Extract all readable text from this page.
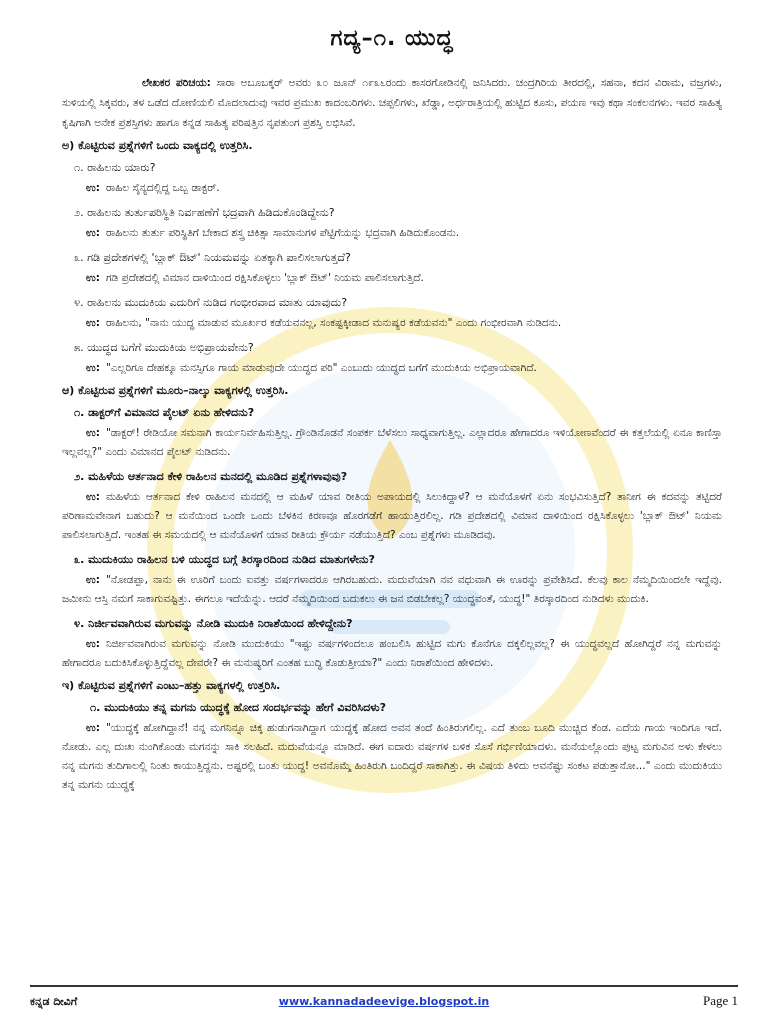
ಗದ್ಯ–೧. ಯುದ್ಧ

ಲೇಖಕರ ಪರಿಚಯ: ಸಾರಾ ಅಬೂಬಕ್ಕರ್ ಅವರು ೩೦ ಜೂನ್ ೧೯೩೬ರಂದು ಕಾಸರಗೋಡಿನಲ್ಲಿ ಜನಿಸಿದರು. ಚಂದ್ರಗಿರಿಯ ತೀರದಲ್ಲಿ, ಸಹನಾ, ಕದನ ವಿರಾಮ, ವಜ್ರಗಳು, ಸುಳಿಯಲ್ಲಿ ಸಿಕ್ಕವರು, ತಳ ಒಡೆದ ದೋಣಿಯಲಿ ಮೊದಲಾದುವು ಇವರ ಪ್ರಮುಖ ಕಾದಂಬರಿಗಳು. ಚಪ್ಪಲಿಗಳು, ಖೆಡ್ಡಾ, ಅರ್ಧರಾತ್ರಿಯಲ್ಲಿ ಹುಟ್ಟಿದ ಕೂಸು, ಪಯಣ ಇವು ಕಥಾ ಸಂಕಲನಗಳು. ಇವರ ಸಾಹಿತ್ಯ ಕೃಷಿಗಾಗಿ ಅನೇಕ ಪ್ರಶಸ್ತಿಗಳು ಹಾಗೂ ಕನ್ನಡ ಸಾಹಿತ್ಯ ಪರಿಷತ್ತಿನ ನೃಪತುಂಗ ಪ್ರಶಸ್ತಿ ಲಭಿಸಿವೆ.

ಅ) ಕೊಟ್ಟಿರುವ ಪ್ರಶ್ನೆಗಳಿಗೆ ಒಂದು ವಾಕ್ಯದಲ್ಲಿ ಉತ್ತರಿಸಿ.
೧. ರಾಹಿಲನು ಯಾರು?

ಉ: ರಾಹಿಲ ಸೈನ್ಯದಲ್ಲಿದ್ದ ಒಬ್ಬ ಡಾಕ್ಟರ್.

೨. ರಾಹಿಲನು ತುರ್ತುಪರಿಸ್ಥಿತಿ ನಿರ್ವಹಣೆಗೆ ಭದ್ರವಾಗಿ ಹಿಡಿದುಕೊಂಡಿದ್ದೇನು?

ಉ: ರಾಹಿಲನು ತುರ್ತು ಪರಿಸ್ಥಿತಿಗೆ ಬೇಕಾದ ಶಸ್ತ್ರ ಚಿಕಿತ್ಸಾ ಸಾಮಾನುಗಳ ಪೆಟ್ಟಿಗೆಯನ್ನು ಭದ್ರವಾಗಿ ಹಿಡಿದುಕೊಂಡನು.

೩. ಗಡಿ ಪ್ರದೇಶಗಳಲ್ಲಿ 'ಬ್ಲಾಕ್ ಔಟ್' ನಿಯಮವನ್ನು ಏತಕ್ಕಾಗಿ ಪಾಲಿಸಲಾಗುತ್ತದೆ?

ಉ: ಗಡಿ ಪ್ರದೇಶದಲ್ಲಿ ವಿಮಾನ ದಾಳಿಯಿಂದ ರಕ್ಷಿಸಿಕೊಳ್ಳಲು 'ಬ್ಲಾಕ್ ಔಟ್' ನಿಯಮ ಪಾಲಿಸಲಾಗುತ್ತಿದೆ.

೪. ರಾಹಿಲನು ಮುದುಕಿಯ ಎದುರಿಗೆ ನುಡಿದ ಗಂಭೀರವಾದ ಮಾತು ಯಾವುದು?

ಉ: ರಾಹಿಲನು, "ನಾನು ಯುದ್ಧ ಮಾಡುವ ಮೂರ್ಖರ ಕಡೆಯವನಲ್ಲ, ಸಂಕಷ್ಟಕ್ಕೀಡಾದ ಮನುಷ್ಯರ ಕಡೆಯವನು" ಎಂದು ಗಂಭೀರವಾಗಿ ನುಡಿದನು.

೫. ಯುದ್ಧದ ಬಗೆಗೆ ಮುದುಕಿಯ ಅಭಿಪ್ರಾಯವೇನು?

ಉ: "ಎಲ್ಲರಿಗೂ ದೇಹಕ್ಕೂ ಮನಸ್ಸಿಗೂ ಗಾಯ ಮಾಡುವುದೇ ಯುದ್ಧದ ಪರಿ" ಎಂಬುದು ಯುದ್ಧದ ಬಗೆಗೆ ಮುದುಕಿಯ ಅಭಿಪ್ರಾಯವಾಗಿದೆ.

ಆ) ಕೊಟ್ಟಿರುವ ಪ್ರಶ್ನೆಗಳಿಗೆ ಮೂರು–ನಾಲ್ಕು ವಾಕ್ಯಗಳಲ್ಲಿ ಉತ್ತರಿಸಿ.
೧. ಡಾಕ್ಟರ್‌ಗೆ ವಿಮಾನದ ಪೈಲಟ್ ಏನು ಹೇಳಿದನು?

ಉ: "ಡಾಕ್ಟರ್! ರೇಡಿಯೋ ಸಮನಾಗಿ ಕಾರ್ಯನಿರ್ವಹಿಸುತ್ತಿಲ್ಲ. ಗ್ರೌಂಡಿನೊಡನೆ ಸಂಪರ್ಕ ಬೆಳೆಸಲು ಸಾಧ್ಯವಾಗುತ್ತಿಲ್ಲ. ಎಲ್ಲಾದರೂ ಹೇಗಾದರೂ ಇಳಿಯೋಣವೆಂದರೆ ಈ ಕತ್ತಲೆಯಲ್ಲಿ ಏನೂ ಕಾಣಿಸ್ತಾ ಇಲ್ಲವಲ್ಲ?" ಎಂದು ವಿಮಾನದ ಪೈಲಟ್ ನುಡಿದನು.

೨. ಮಹಿಳೆಯ ಆರ್ತನಾದ ಕೇಳಿ ರಾಹಿಲನ ಮನದಲ್ಲಿ ಮೂಡಿದ ಪ್ರಶ್ನೆಗಳಾವುವು?

ಉ: ಮಹಿಳೆಯ ಆರ್ತನಾದ ಕೇಳಿ ರಾಹಿಲನ ಮನದಲ್ಲಿ ಆ ಮಹಿಳೆ ಯಾವ ರೀತಿಯ ಅಪಾಯದಲ್ಲಿ ಸಿಲುಕಿದ್ದಾಳೆ? ಆ ಮನೆಯೊಳಗೆ ಏನು ಸಂಭವಿಸುತ್ತಿದೆ? ತಾನೀಗ ಈ ಕದವನ್ನು ತಟ್ಟಿದರೆ ಪರಿಣಾಮವೇನಾಗ ಬಹುದು? ಆ ಮನೆಯಿಂದ ಒಂದೇ ಒಂದು ಬೆಳಕಿನ ಕಿರಣವೂ ಹೊರಗಡೆಗೆ ಹಾಯುತ್ತಿರಲಿಲ್ಲ. ಗಡಿ ಪ್ರದೇಶದಲ್ಲಿ ವಿಮಾನ ದಾಳಿಯಿಂದ ರಕ್ಷಿಸಿಕೊಳ್ಳಲು 'ಬ್ಲಾಕ್ ಔಟ್' ನಿಯಮ ಪಾಲಿಸಲಾಗುತ್ತಿದೆ. ಇಂತಹ ಈ ಸಮಯದಲ್ಲಿ ಆ ಮನೆಯೊಳಗೆ ಯಾವ ರೀತಿಯ ಕ್ರೌರ್ಯ ನಡೆಯುತ್ತಿದೆ? ಎಂಬ ಪ್ರಶ್ನೆಗಳು ಮೂಡಿದವು.

೩. ಮುದುಕಿಯು ರಾಹಿಲನ ಬಳಿ ಯುದ್ಧದ ಬಗ್ಗೆ ತಿರಸ್ಕಾರದಿಂದ ನುಡಿದ ಮಾತುಗಳೇನು?

ಉ: "ನೋಡಪ್ಪಾ, ನಾನು ಈ ಊರಿಗೆ ಬಂದು ಐವತ್ತು ವರ್ಷಗಳಾದರೂ ಆಗಿರಬಹುದು. ಮದುವೆಯಾಗಿ ನವ ವಧುವಾಗಿ ಈ ಊರನ್ನು ಪ್ರವೇಶಿಸಿದೆ. ಕೆಲವು ಕಾಲ ನೆಮ್ಮದಿಯಿಂದಲೇ ಇದ್ದೆವು. ಜಮೀನು ಆಸ್ತಿ ನಮಗೆ ಸಾಕಾಗುವಷ್ಟಿತ್ತು. ಈಗಲೂ ಇದೆಯೆನ್ನು. ಆದರೆ ನೆಮ್ಮದಿಯಿಂದ ಬದುಕಲು ಈ ಜನ ಬಿಡಬೇಕಲ್ಲ? ಯುದ್ಧವಂತೆ, ಯುದ್ಧ!" ತಿರಸ್ಕಾರದಿಂದ ನುಡಿದಳು ಮುದುಕಿ.

೪. ನಿರ್ಜೀವವಾಗಿರುವ ಮಗುವನ್ನು ನೋಡಿ ಮುದುಕಿ ನಿರಾಶೆಯಿಂದ ಹೇಳಿದ್ದೇನು?

ಉ: ನಿರ್ಜೀವವಾಗಿರುವ ಮಗುವನ್ನು ನೋಡಿ ಮುದುಕಿಯು "ಇಷ್ಟು ವರ್ಷಗಳಿಂದಲೂ ಹಂಬಲಿಸಿ ಹುಟ್ಟಿದ ಮಗು ಕೊನೆಗೂ ದಕ್ಕಲಿಲ್ಲವಲ್ಲ? ಈ ಯುದ್ಧವಲ್ಲದೆ ಹೋಗಿದ್ದರೆ ನನ್ನ ಮಗುವನ್ನು ಹೇಗಾದರೂ ಬದುಕಿಸಿಕೊಳ್ಳುತ್ತಿದ್ದೆವಲ್ಲ ದೇವರೇ? ಈ ಮನುಷ್ಯರಿಗೆ ಎಂತಹ ಬುದ್ಧಿ ಕೊಡುತ್ತೀಯಾ?" ಎಂದು ನಿರಾಶೆಯಿಂದ ಹೇಳಿದಳು.

ಇ) ಕೊಟ್ಟಿರುವ ಪ್ರಶ್ನೆಗಳಿಗೆ ಎಂಟು–ಹತ್ತು ವಾಕ್ಯಗಳಲ್ಲಿ ಉತ್ತರಿಸಿ.
೧. ಮುದುಕಿಯು ತನ್ನ ಮಗನು ಯುದ್ಧಕ್ಕೆ ಹೋದ ಸಂದರ್ಭವನ್ನು ಹೇಗೆ ವಿವರಿಸಿದಳು?

ಉ: "ಯುದ್ಧಕ್ಕೆ ಹೋಗಿದ್ದಾನೆ! ನನ್ನ ಮಗನಿನ್ನೂ ಚಿಕ್ಕ ಹುಡುಗನಾಗಿದ್ದಾಗ ಯುದ್ಧಕ್ಕೆ ಹೋದ ಅವನ ತಂದೆ ಹಿಂತಿರುಗಲಿಲ್ಲ. ಎದೆ ತುಂಬ ಬೂದಿ ಮುಚ್ಚಿದ ಕೆಂಡ. ಎದೆಯ ಗಾಯ ಇಂದಿಗೂ ಇದೆ. ನೋಡು. ಎಲ್ಲ ದುಃಖ ನುಂಗಿಕೊಂಡು ಮಗನನ್ನು ಸಾಕಿ ಸಲಹಿದೆ. ಮದುವೆಯನ್ನೂ ಮಾಡಿದೆ. ಈಗ ಐದಾರು ವರ್ಷಗಳ ಬಳಿಕ ಸೊಸೆ ಗರ್ಭಿಣಿಯಾದಳು. ಮನೆಯಲ್ಲೊಂದು ಪುಟ್ಟ ಮಗುವಿನ ಅಳು ಕೇಳಲು ನನ್ನ ಮಗನು ತುದಿಗಾಲಲ್ಲಿ ನಿಂತು ಕಾಯುತ್ತಿದ್ದನು. ಅಷ್ಟರಲ್ಲಿ ಬಂತು ಯುದ್ಧ! ಅವನೊಮ್ಮೆ ಹಿಂತಿರುಗಿ ಬಂದಿದ್ದರೆ ಸಾಕಾಗಿತ್ತು. ಈ ವಿಷಯ ತಿಳಿದು ಅವನೆಷ್ಟು ಸಂಕಟ ಪಡುತ್ತಾನೋ..." ಎಂದು ಮುದುಕಿಯು ತನ್ನ ಮಗನು ಯುದ್ಧಕ್ಕೆ

ಕನ್ನಡ ದೀವಿಗೆ	www.kannadadeevige.blogspot.in	Page 1
